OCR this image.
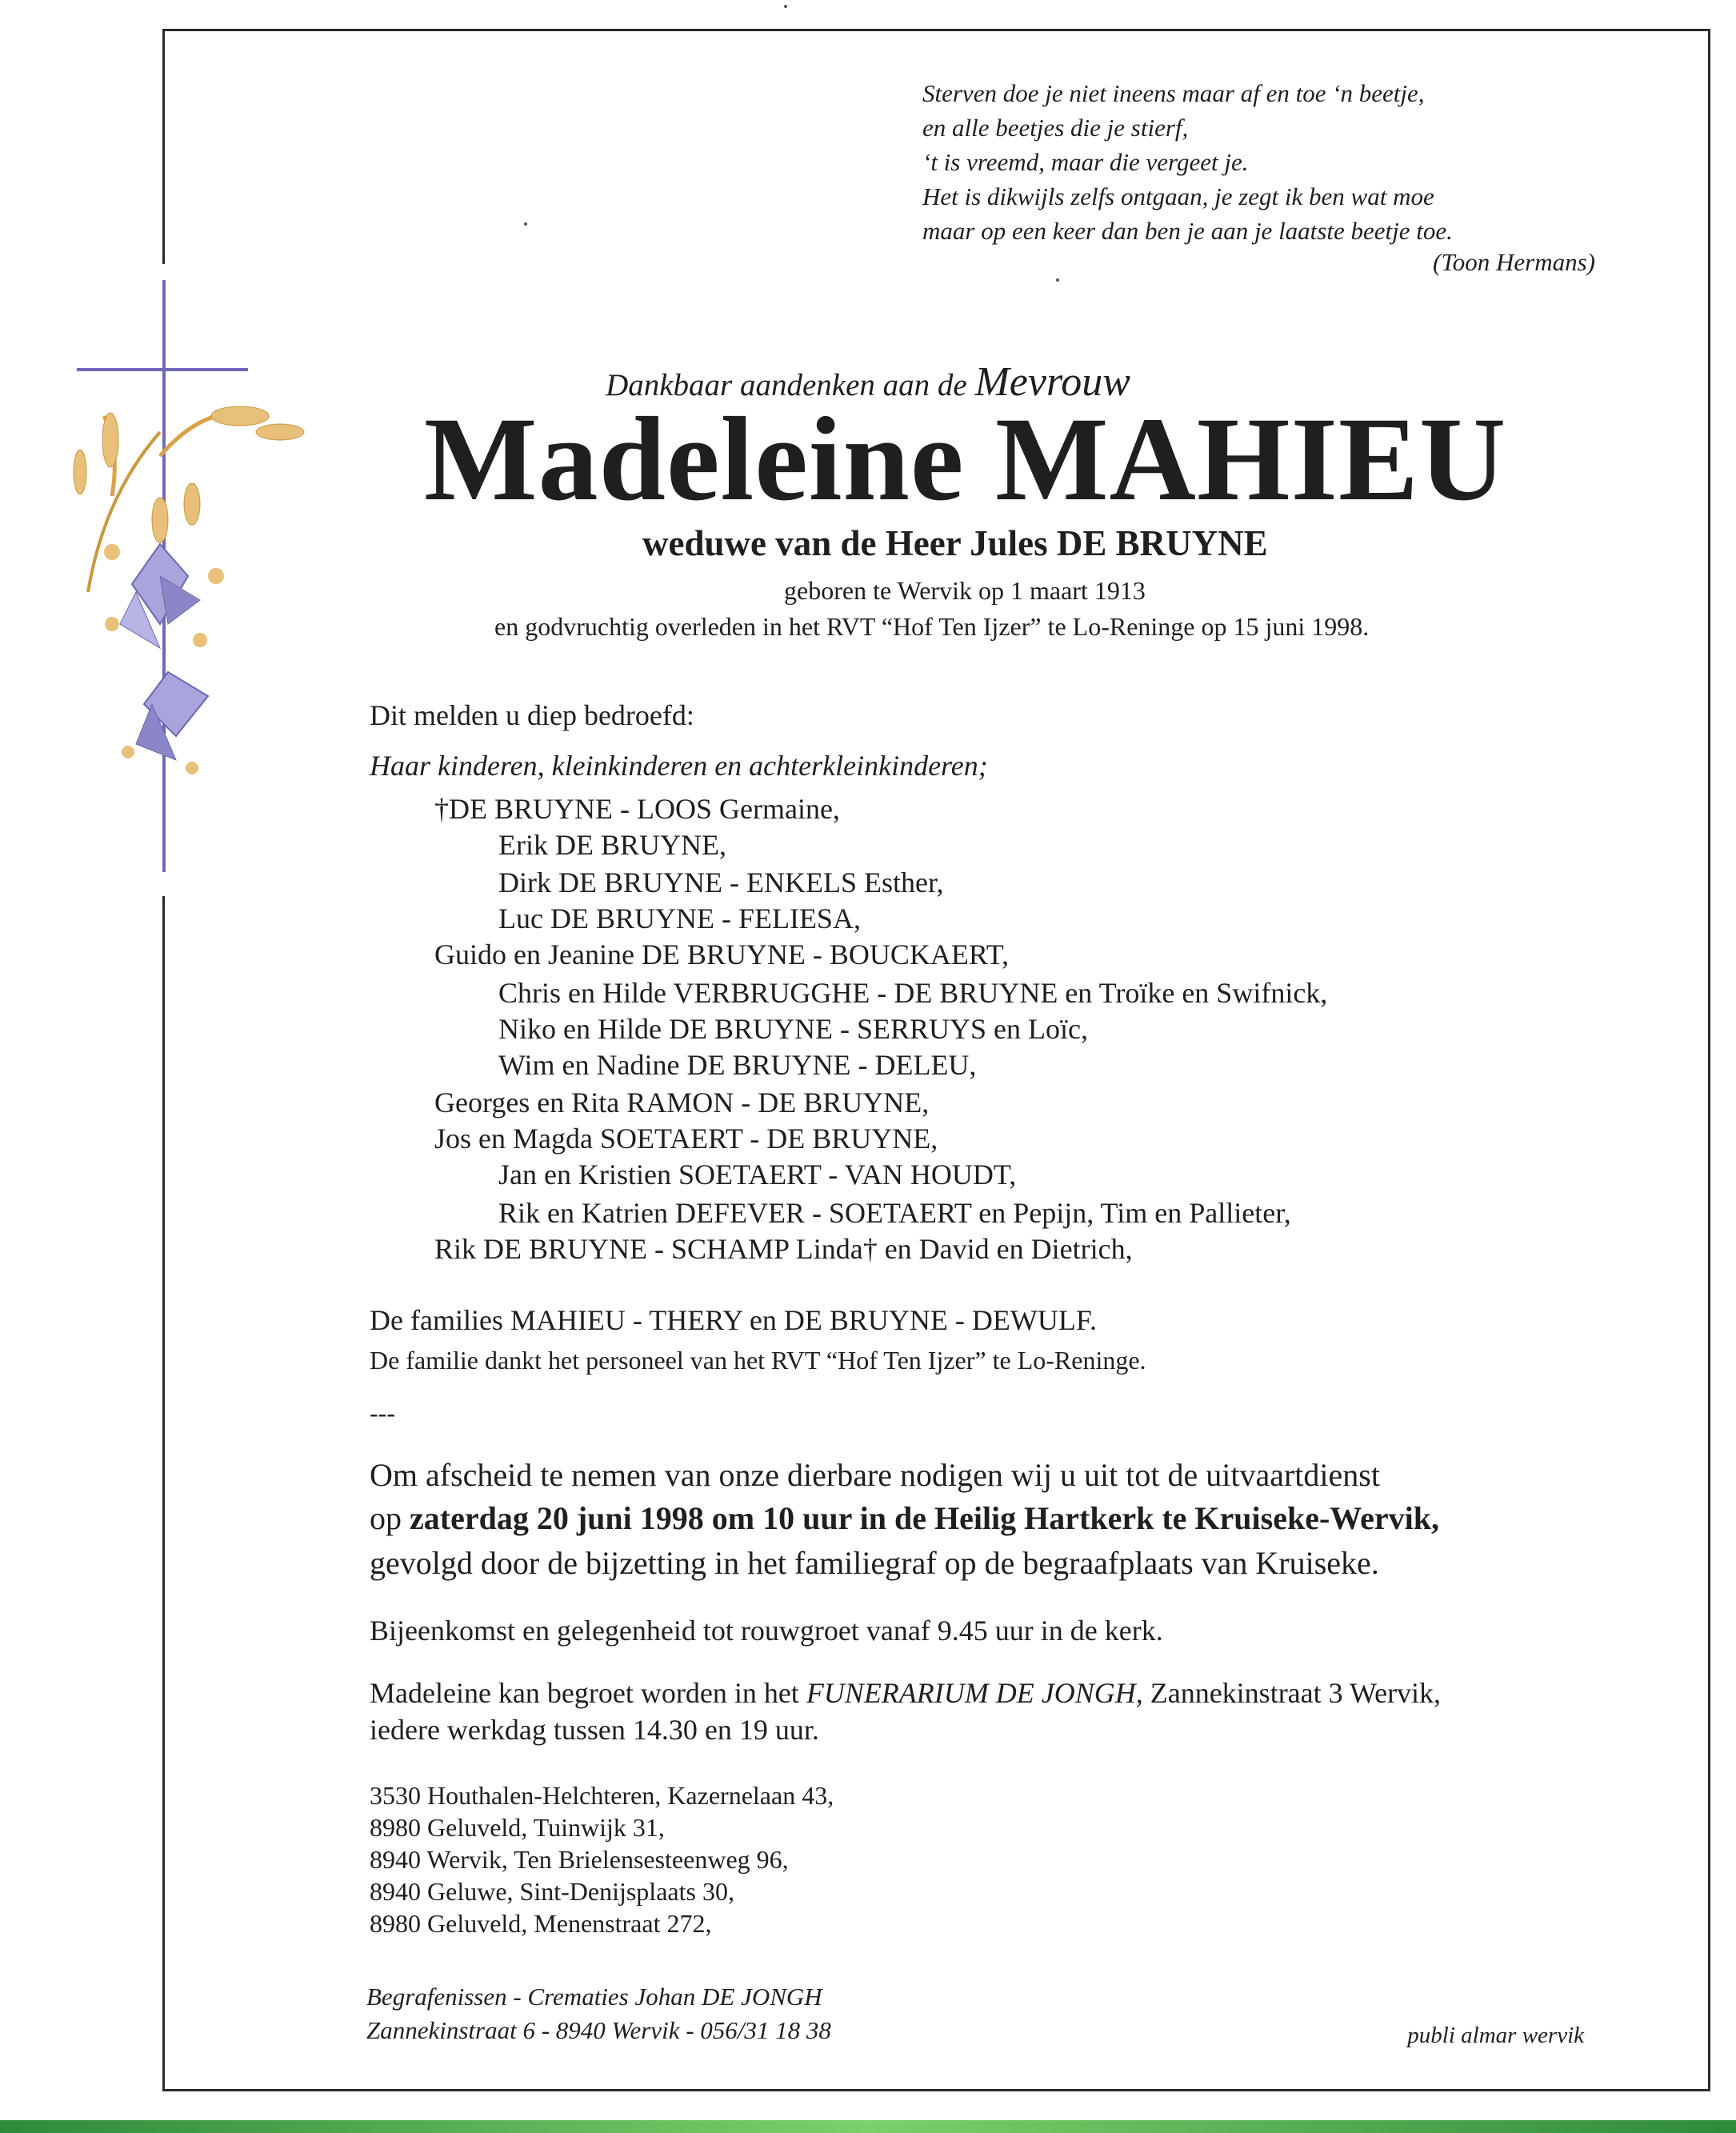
Sterven doe je niet ineens maar af en toe ‘n beetje,
en alle beetjes die je stierf,
‘t is vreemd, maar die vergeet je.
Het is dikwijls zelfs ontgaan, je zegt ik ben wat moe
maar op een keer dan ben je aan je laatste beetje toe.
(Toon Hermans)
Dankbaar aandenken aan de Mevrouw
Madeleine MAHIEU
weduwe van de Heer Jules DE BRUYNE
geboren te Wervik op 1 maart 1913
en godvruchtig overleden in het RVT “Hof Ten Ijzer” te Lo-Reninge op 15 juni 1998.
Dit melden u diep bedroefd:
Haar kinderen, kleinkinderen en achterkleinkinderen;
†DE BRUYNE - LOOS Germaine,
Erik DE BRUYNE,
Dirk DE BRUYNE - ENKELS Esther,
Luc DE BRUYNE - FELIESA,
Guido en Jeanine DE BRUYNE - BOUCKAERT,
Chris en Hilde VERBRUGGHE - DE BRUYNE en Troïke en Swifnick,
Niko en Hilde DE BRUYNE - SERRUYS en Loïc,
Wim en Nadine DE BRUYNE - DELEU,
Georges en Rita RAMON - DE BRUYNE,
Jos en Magda SOETAERT - DE BRUYNE,
Jan en Kristien SOETAERT - VAN HOUDT,
Rik en Katrien DEFEVER - SOETAERT en Pepijn, Tim en Pallieter,
Rik DE BRUYNE - SCHAMP Linda† en David en Dietrich,
De families MAHIEU - THERY en DE BRUYNE - DEWULF.
De familie dankt het personeel van het RVT “Hof Ten Ijzer” te Lo-Reninge.
---
Om afscheid te nemen van onze dierbare nodigen wij u uit tot de uitvaartdienst
op zaterdag 20 juni 1998 om 10 uur in de Heilig Hartkerk te Kruiseke-Wervik,
gevolgd door de bijzetting in het familiegraf op de begraafplaats van Kruiseke.
Bijeenkomst en gelegenheid tot rouwgroet vanaf 9.45 uur in de kerk.
Madeleine kan begroet worden in het FUNERARIUM DE JONGH, Zannekinstraat 3 Wervik,
iedere werkdag tussen 14.30 en 19 uur.
3530 Houthalen-Helchteren, Kazernelaan 43,
8980 Geluveld, Tuinwijk 31,
8940 Wervik, Ten Brielensesteenweg 96,
8940 Geluwe, Sint-Denijsplaats 30,
8980 Geluveld, Menenstraat 272,
Begrafenissen - Crematies Johan DE JONGH
Zannekinstraat 6 - 8940 Wervik - 056/31 18 38	publi almar wervik
